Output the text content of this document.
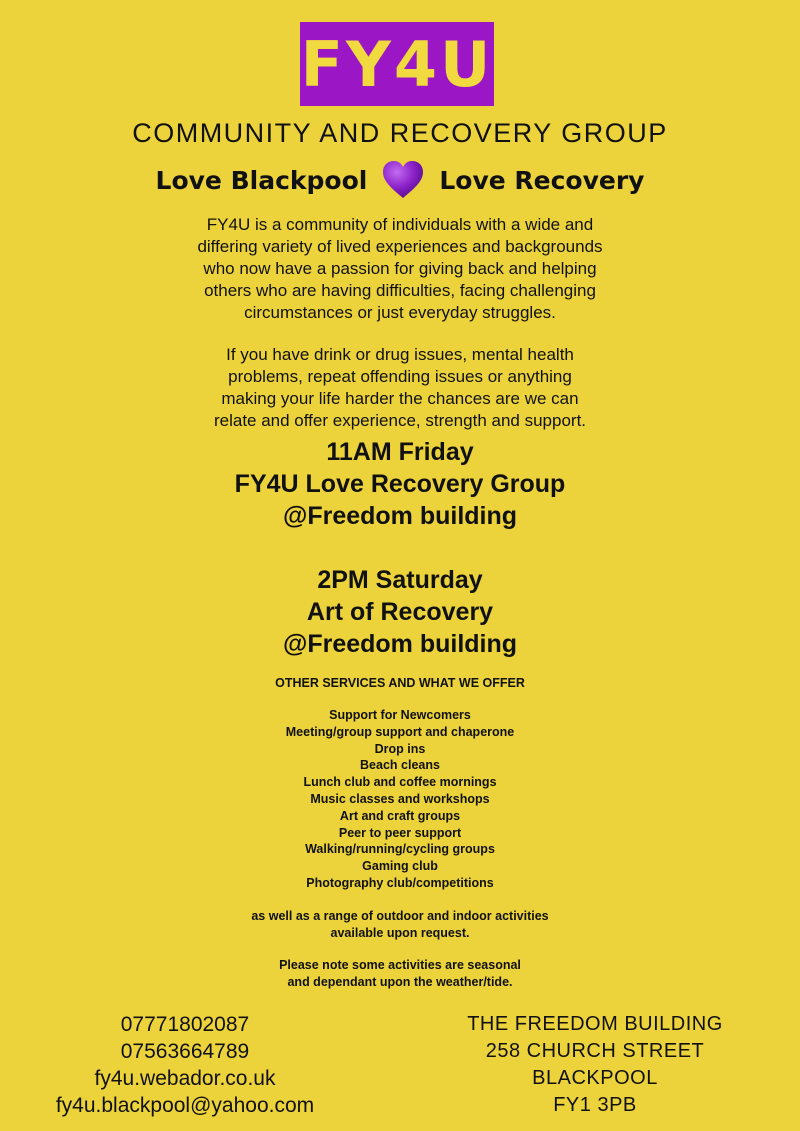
FY4U
COMMUNITY AND RECOVERY GROUP
Love Blackpool	Love Recovery
FY4U is a community of individuals with a wide and
differing variety of lived experiences and backgrounds
who now have a passion for giving back and helping
others who are having difficulties, facing challenging
circumstances or just everyday struggles.
If you have drink or drug issues, mental health
problems, repeat offending issues or anything
making your life harder the chances are we can
relate and offer experience, strength and support.
11AM Friday
FY4U Love Recovery Group
@Freedom building
2PM Saturday
Art of Recovery
@Freedom building
OTHER SERVICES AND WHAT WE OFFER
Support for Newcomers
Meeting/group support and chaperone
Drop ins
Beach cleans
Lunch club and coffee mornings
Music classes and workshops
Art and craft groups
Peer to peer support
Walking/running/cycling groups
Gaming club
Photography club/competitions
as well as a range of outdoor and indoor activities
available upon request.
Please note some activities are seasonal
and dependant upon the weather/tide.
07771802087
07563664789
fy4u.webador.co.uk
fy4u.blackpool@yahoo.com
THE FREEDOM BUILDING
258 CHURCH STREET
BLACKPOOL
FY1 3PB
